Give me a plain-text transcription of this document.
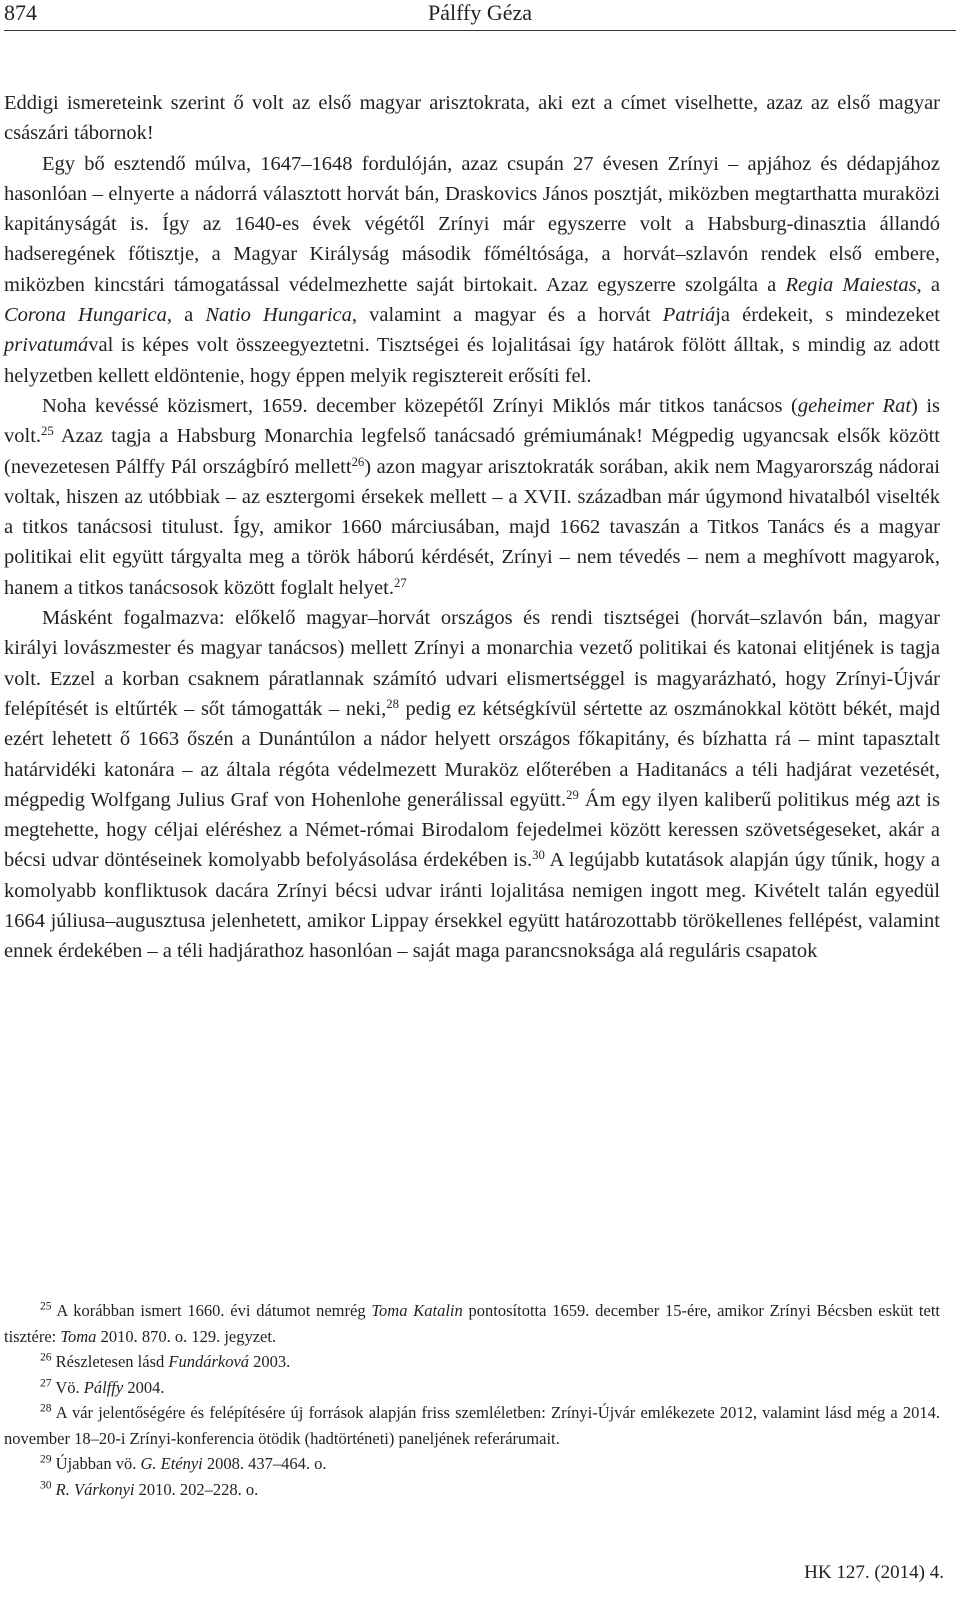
874	Pálffy Géza

Eddigi ismereteink szerint ő volt az első magyar arisztokrata, aki ezt a címet viselhette, azaz az első magyar császári tábornok!

Egy bő esztendő múlva, 1647–1648 fordulóján, azaz csupán 27 évesen Zrínyi – apjához és dédapjához hasonlóan – elnyerte a nádorrá választott horvát bán, Draskovics János posztját, miközben megtarthatta muraközi kapitányságát is. Így az 1640-es évek végétől Zrínyi már egyszerre volt a Habsburg-dinasztia állandó hadseregének főtisztje, a Magyar Királyság második főméltósága, a horvát–szlavón rendek első embere, miközben kincstári támogatással védelmezhette saját birtokait. Azaz egyszerre szolgálta a Regia Maiestas, a Corona Hungarica, a Natio Hungarica, valamint a magyar és a horvát Patriája érdekeit, s mindezeket privatumával is képes volt összeegyeztetni. Tisztségei és lojalitásai így határok fölött álltak, s mindig az adott helyzetben kellett eldöntenie, hogy éppen melyik regisztereit erősíti fel.

Noha kevéssé közismert, 1659. december közepétől Zrínyi Miklós már titkos tanácsos (geheimer Rat) is volt.$^{25}$ Azaz tagja a Habsburg Monarchia legfelső tanácsadó grémiumának! Mégpedig ugyancsak elsők között (nevezetesen Pálffy Pál országbíró mellett$^{26}$) azon magyar arisztokraták sorában, akik nem Magyarország nádorai voltak, hiszen az utóbbiak – az esztergomi érsekek mellett – a XVII. században már úgymond hivatalból viselték a titkos tanácsosi titulust. Így, amikor 1660 márciusában, majd 1662 tavaszán a Titkos Tanács és a magyar politikai elit együtt tárgyalta meg a török háború kérdését, Zrínyi – nem tévedés – nem a meghívott magyarok, hanem a titkos tanácsosok között foglalt helyet.$^{27}$

Másként fogalmazva: előkelő magyar–horvát országos és rendi tisztségei (horvát–szlavón bán, magyar királyi lovászmester és magyar tanácsos) mellett Zrínyi a monarchia vezető politikai és katonai elitjének is tagja volt. Ezzel a korban csaknem páratlannak számító udvari elismertséggel is magyarázható, hogy Zrínyi-Újvár felépítését is eltűrték – sőt támogatták – neki,$^{28}$ pedig ez kétségkívül sértette az oszmánokkal kötött békét, majd ezért lehetett ő 1663 őszén a Dunántúlon a nádor helyett országos főkapitány, és bízhatta rá – mint tapasztalt határvidéki katonára – az általa régóta védelmezett Muraköz előterében a Haditanács a téli hadjárat vezetését, mégpedig Wolfgang Julius Graf von Hohenlohe generálissal együtt.$^{29}$ Ám egy ilyen kaliberű politikus még azt is megtehette, hogy céljai eléréshez a Német-római Birodalom fejedelmei között keressen szövetségeseket, akár a bécsi udvar döntéseinek komolyabb befolyásolása érdekében is.$^{30}$ A legújabb kutatások alapján úgy tűnik, hogy a komolyabb konfliktusok dacára Zrínyi bécsi udvar iránti lojalitása nemigen ingott meg. Kivételt talán egyedül 1664 júliusa–augusztusa jelenhetett, amikor Lippay érsekkel együtt határozottabb törökellenes fellépést, valamint ennek érdekében – a téli hadjárathoz hasonlóan – saját maga parancsnoksága alá reguláris csapatok

$^{25}$ A korábban ismert 1660. évi dátumot nemrég Toma Katalin pontosította 1659. december 15-ére, amikor Zrínyi Bécsben esküt tett tisztére: Toma 2010. 870. o. 129. jegyzet.

$^{26}$ Részletesen lásd Fundárková 2003.

$^{27}$ Vö. Pálffy 2004.

$^{28}$ A vár jelentőségére és felépítésére új források alapján friss szemléletben: Zrínyi-Újvár emlékezete 2012, valamint lásd még a 2014. november 18–20-i Zrínyi-konferencia ötödik (hadtörténeti) paneljének referárumait.

$^{29}$ Újabban vö. G. Etényi 2008. 437–464. o.

$^{30}$ R. Várkonyi 2010. 202–228. o.

HK 127. (2014) 4.
